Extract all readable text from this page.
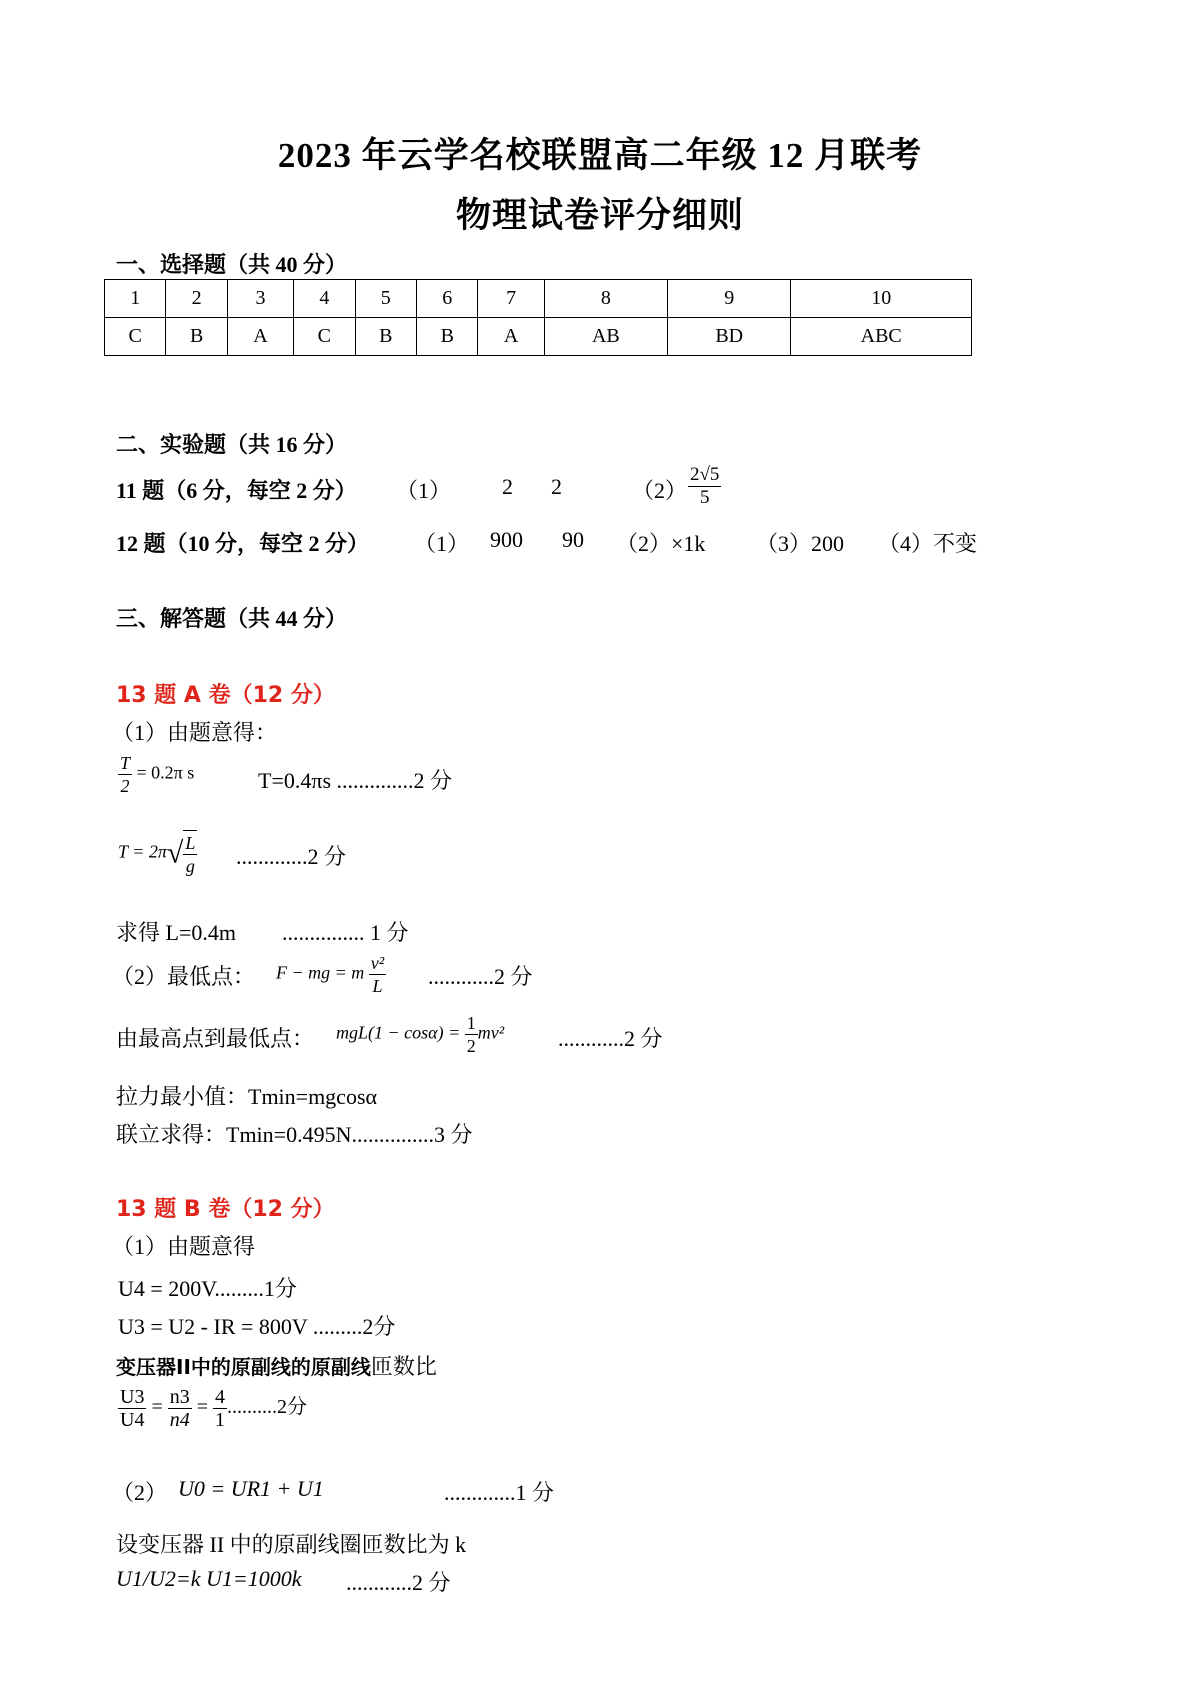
2023 年云学名校联盟高二年级 12 月联考
物理试卷评分细则
一、选择题（共 40 分）
1	2	3	4	5	6	7	8	9	10
C	B	A	C	B	B	A	AB	BD	ABC
二、实验题（共 16 分）
11 题（6 分，每空 2 分） （1） 2 2	$(2) \frac{2√5}{5}$
12 题（10 分，每空 2 分） （1） 900 90 （2）×1k （3）200 （4）不变
三、解答题（共 44 分）
13 题 A 卷（12 分）
（1）由题意得：
$\frac{T}{2} = 0.2\pi$ s	T=0.4πs ..............2 分
$T = 2\pi√ \frac{L}{g} .............2$ 分
求得 L=0.4m ............... 1 分
（2）最低点： F − mg = m $\frac{\text{v²}}{L} ............2$ 分
由最高点到最低点： $mgL(1 - \cos\alpha) = \frac{1}{2} mv^2$ ............2 分
拉力最小值：Tmin=mgcosα
联立求得：Tmin=0.495N...............3 分
13 题 B 卷（12 分）
（1）由题意得
U4 = 200V.........1分
U3 = U2 - IR = 800V .........2分
变压器II中的原副线的原副线匝数比
$\frac{U3}{U4} = \frac{n3}{n4} = \frac{4}{1} ..........2$分
（2） U0 = UR1 + U1	.............1 分
设变压器 II 中的原副线圈匝数比为 k
U1/U2=k U1=1000k ............2 分
